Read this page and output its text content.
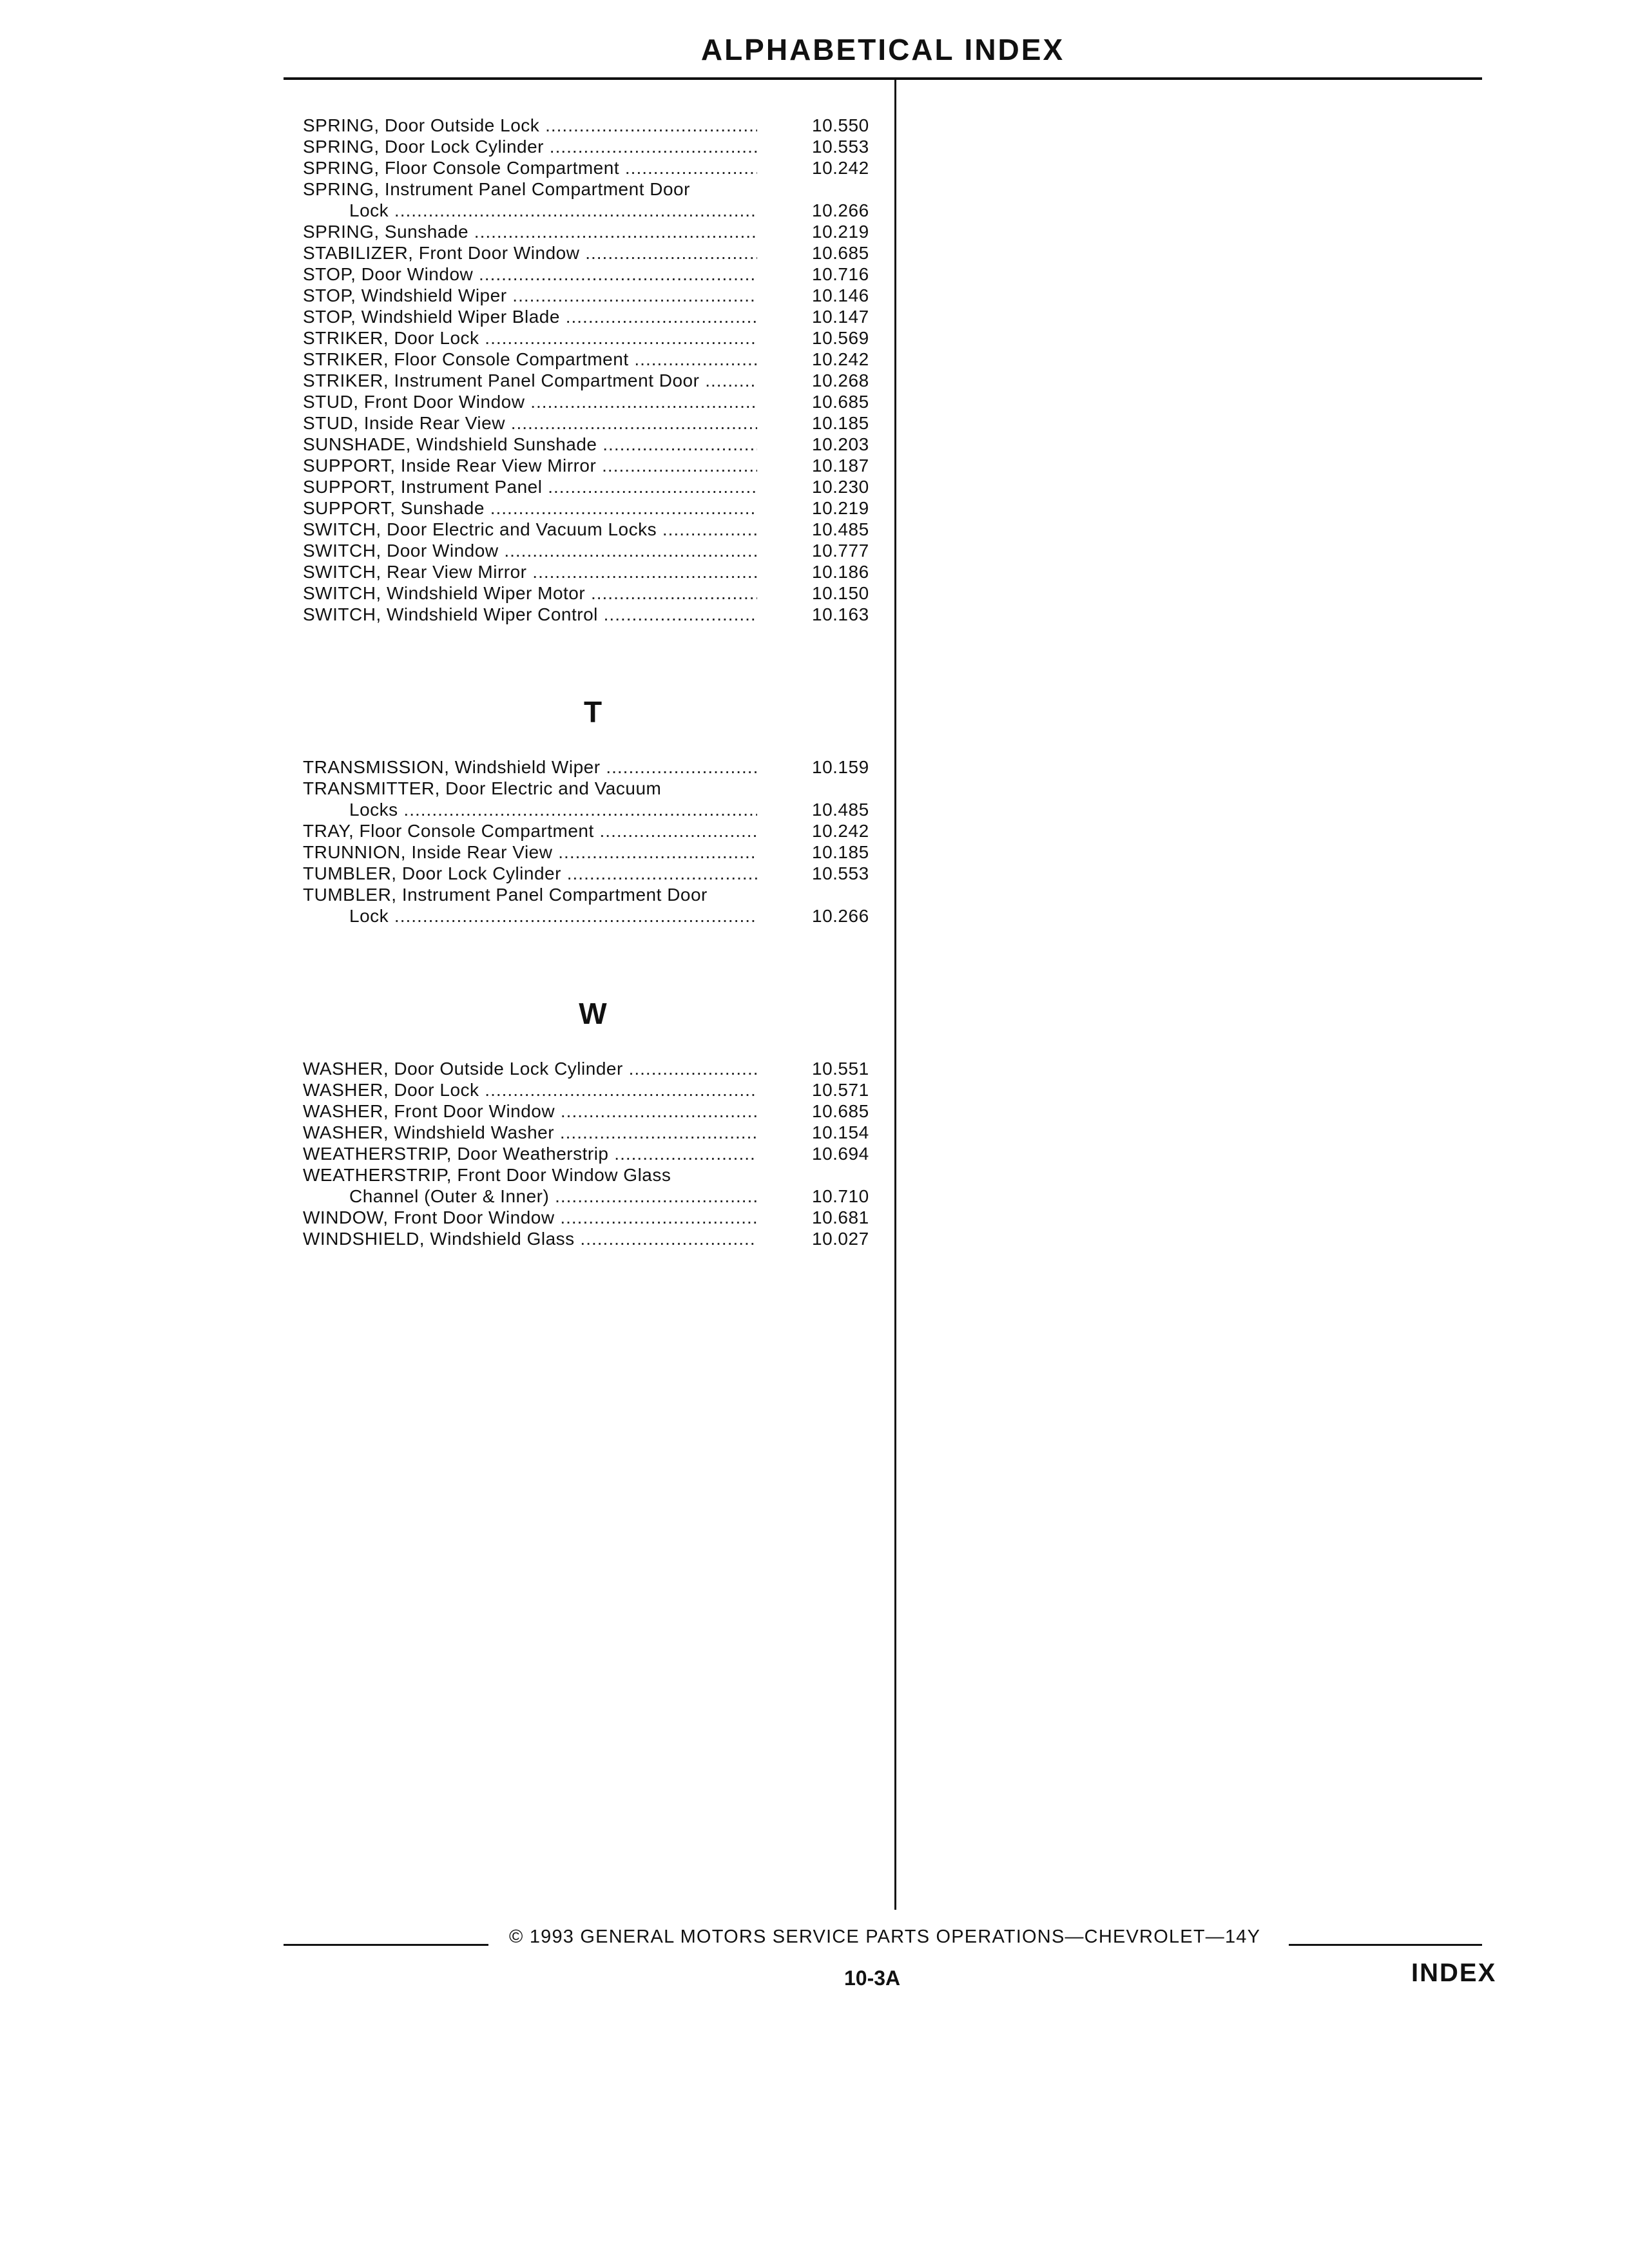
ALPHABETICAL INDEX
SPRING, Door Outside Lock .....	10.550
SPRING, Door Lock Cylinder .....	10.553
SPRING, Floor Console Compartment .....	10.242
SPRING, Instrument Panel Compartment Door
Lock .....	10.266
SPRING, Sunshade .....	10.219
STABILIZER, Front Door Window .....	10.685
STOP, Door Window .....	10.716
STOP, Windshield Wiper .....	10.146
STOP, Windshield Wiper Blade .....	10.147
STRIKER, Door Lock .....	10.569
STRIKER, Floor Console Compartment .....	10.242
STRIKER, Instrument Panel Compartment Door .....	10.268
STUD, Front Door Window .....	10.685
STUD, Inside Rear View .....	10.185
SUNSHADE, Windshield Sunshade .....	10.203
SUPPORT, Inside Rear View Mirror .....	10.187
SUPPORT, Instrument Panel .....	10.230
SUPPORT, Sunshade .....	10.219
SWITCH, Door Electric and Vacuum Locks .....	10.485
SWITCH, Door Window .....	10.777
SWITCH, Rear View Mirror .....	10.186
SWITCH, Windshield Wiper Motor .....	10.150
SWITCH, Windshield Wiper Control .....	10.163
T
TRANSMISSION, Windshield Wiper .....	10.159
TRANSMITTER, Door Electric and Vacuum
Locks .....	10.485
TRAY, Floor Console Compartment .....	10.242
TRUNNION, Inside Rear View .....	10.185
TUMBLER, Door Lock Cylinder .....	10.553
TUMBLER, Instrument Panel Compartment Door
Lock .....	10.266
W
WASHER, Door Outside Lock Cylinder .....	10.551
WASHER, Door Lock .....	10.571
WASHER, Front Door Window .....	10.685
WASHER, Windshield Washer .....	10.154
WEATHERSTRIP, Door Weatherstrip .....	10.694
WEATHERSTRIP, Front Door Window Glass
Channel (Outer & Inner) .....	10.710
WINDOW, Front Door Window .....	10.681
WINDSHIELD, Windshield Glass .....	10.027
© 1993 GENERAL MOTORS SERVICE PARTS OPERATIONS—CHEVROLET—14Y
10-3A	INDEX
